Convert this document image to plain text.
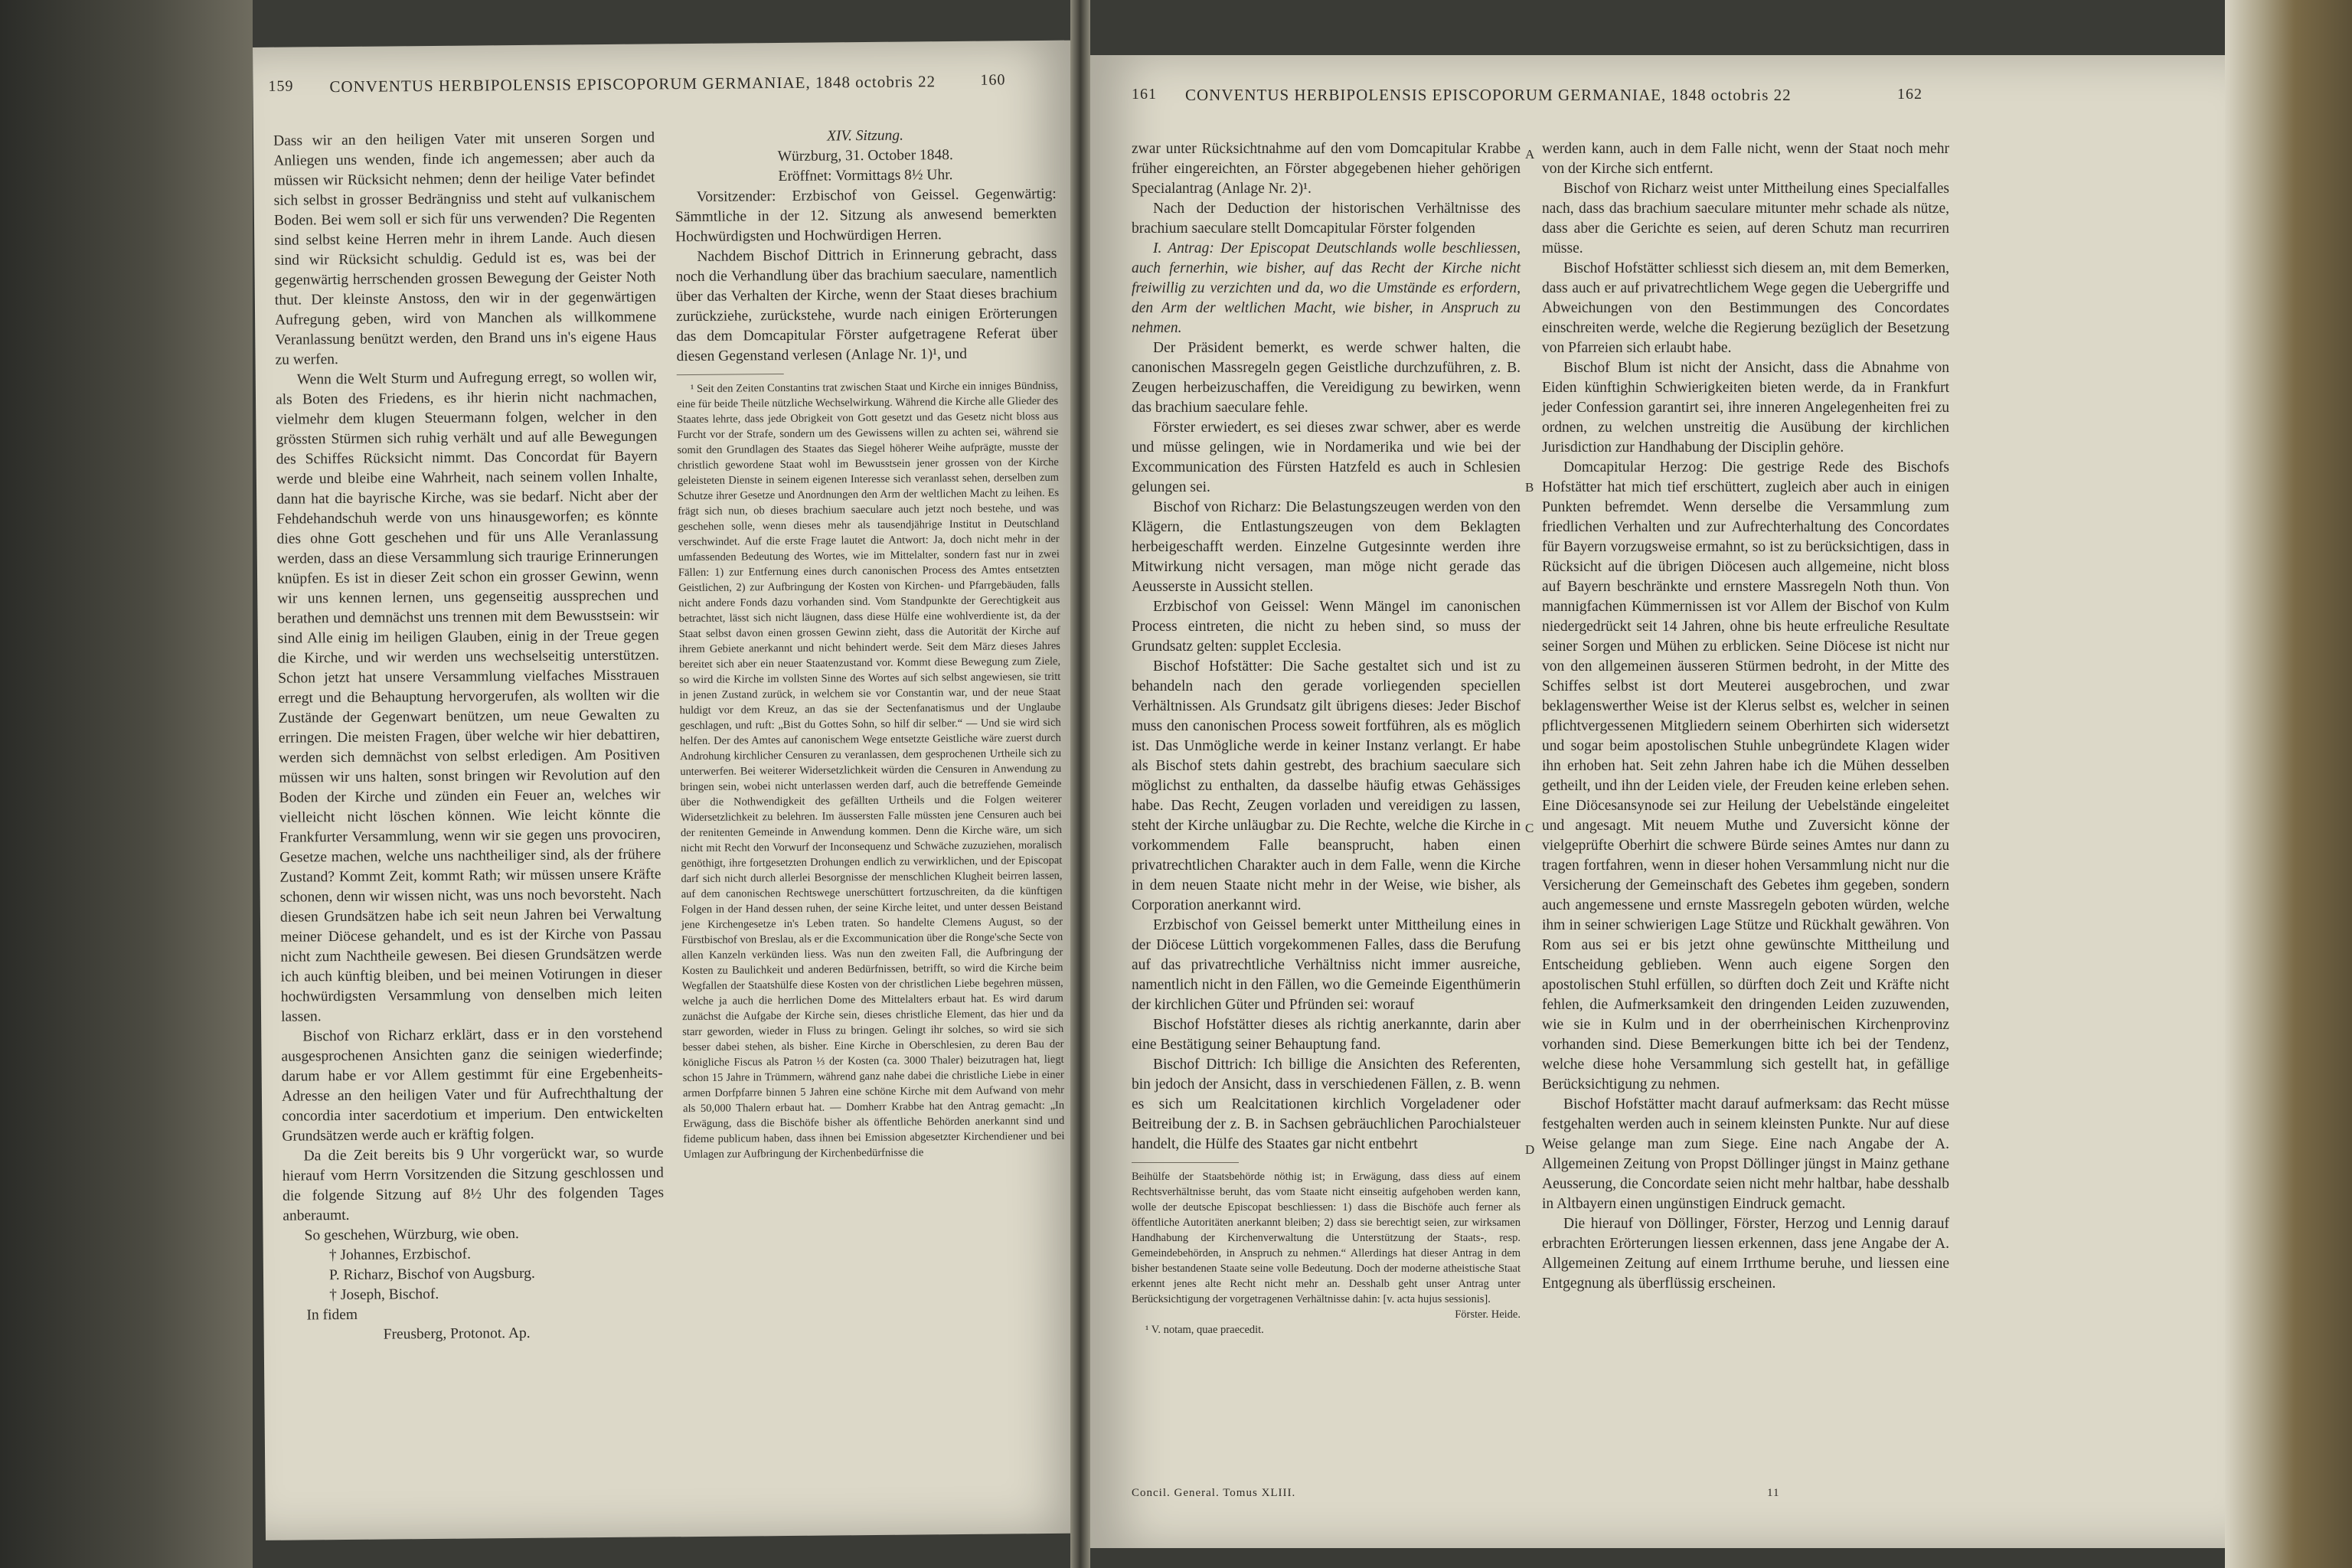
159 CONVENTUS HERBIPOLENSIS EPISCOPORUM GERMANIAE, 1848 octobris 22	160

Dass wir an den heiligen Vater mit unseren Sorgen und Anliegen uns wenden, finde ich angemessen; aber auch da müssen wir Rücksicht nehmen; denn der heilige Vater befindet sich selbst in grosser Bedrängniss und steht auf vulkanischem Boden. Bei wem soll er sich für uns verwenden? Die Regenten sind selbst keine Herren mehr in ihrem Lande. Auch diesen sind wir Rücksicht schuldig. Geduld ist es, was bei der gegenwärtig herrschenden grossen Bewegung der Geister Noth thut. Der kleinste Anstoss, den wir in der gegenwärtigen Aufregung geben, wird von Manchen als willkommene Veranlassung benützt werden, den Brand uns in's eigene Haus zu werfen.

Wenn die Welt Sturm und Aufregung erregt, so wollen wir, als Boten des Friedens, es ihr hierin nicht nachmachen, vielmehr dem klugen Steuermann folgen, welcher in den grössten Stürmen sich ruhig verhält und auf alle Bewegungen des Schiffes Rücksicht nimmt. Das Concordat für Bayern werde und bleibe eine Wahrheit, nach seinem vollen Inhalte, dann hat die bayrische Kirche, was sie bedarf. Nicht aber der Fehdehandschuh werde von uns hinausgeworfen; es könnte dies ohne Gott geschehen und für uns Alle Veranlassung werden, dass an diese Versammlung sich traurige Erinnerungen knüpfen. Es ist in dieser Zeit schon ein grosser Gewinn, wenn wir uns kennen lernen, uns gegenseitig aussprechen und berathen und demnächst uns trennen mit dem Bewusstsein: wir sind Alle einig im heiligen Glauben, einig in der Treue gegen die Kirche, und wir werden uns wechselseitig unterstützen. Schon jetzt hat unsere Versammlung vielfaches Misstrauen erregt und die Behauptung hervorgerufen, als wollten wir die Zustände der Gegenwart benützen, um neue Gewalten zu erringen. Die meisten Fragen, über welche wir hier debattiren, werden sich demnächst von selbst erledigen. Am Positiven müssen wir uns halten, sonst bringen wir Revolution auf den Boden der Kirche und zünden ein Feuer an, welches wir vielleicht nicht löschen können. Wie leicht könnte die Frankfurter Versammlung, wenn wir sie gegen uns provociren, Gesetze machen, welche uns nachtheiliger sind, als der frühere Zustand? Kommt Zeit, kommt Rath; wir müssen unsere Kräfte schonen, denn wir wissen nicht, was uns noch bevorsteht. Nach diesen Grundsätzen habe ich seit neun Jahren bei Verwaltung meiner Diöcese gehandelt, und es ist der Kirche von Passau nicht zum Nachtheile gewesen. Bei diesen Grundsätzen werde ich auch künftig bleiben, und bei meinen Votirungen in dieser hochwürdigsten Versammlung von denselben mich leiten lassen.

Bischof von Richarz erklärt, dass er in den vorstehend ausgesprochenen Ansichten ganz die seinigen wiederfinde; darum habe er vor Allem gestimmt für eine Ergebenheits-Adresse an den heiligen Vater und für Aufrechthaltung der concordia inter sacerdotium et imperium. Den entwickelten Grundsätzen werde auch er kräftig folgen.

Da die Zeit bereits bis 9 Uhr vorgerückt war, so wurde hierauf vom Herrn Vorsitzenden die Sitzung geschlossen und die folgende Sitzung auf 8½ Uhr des folgenden Tages anberaumt.

So geschehen, Würzburg, wie oben.

† Johannes, Erzbischof.

P. Richarz, Bischof von Augsburg.

† Joseph, Bischof.

In fidem

Freusberg, Protonot. Ap.

XIV. Sitzung.

Würzburg, 31. October 1848.

Eröffnet: Vormittags 8½ Uhr.

Vorsitzender: Erzbischof von Geissel. Gegenwärtig: Sämmtliche in der 12. Sitzung als anwesend bemerkten Hochwürdigsten und Hochwürdigen Herren.

Nachdem Bischof Dittrich in Erinnerung gebracht, dass noch die Verhandlung über das brachium saeculare, namentlich über das Verhalten der Kirche, wenn der Staat dieses brachium zurückziehe, zurückstehe, wurde nach einigen Erörterungen das dem Domcapitular Förster aufgetragene Referat über diesen Gegenstand verlesen (Anlage Nr. 1)¹, und

¹ Seit den Zeiten Constantins trat zwischen Staat und Kirche ein inniges Bündniss, eine für beide Theile nützliche Wechselwirkung. Während die Kirche alle Glieder des Staates lehrte, dass jede Obrigkeit von Gott gesetzt und das Gesetz nicht bloss aus Furcht vor der Strafe, sondern um des Gewissens willen zu achten sei, während sie somit den Grundlagen des Staates das Siegel höherer Weihe aufprägte, musste der christlich gewordene Staat wohl im Bewusstsein jener grossen von der Kirche geleisteten Dienste in seinem eigenen Interesse sich veranlasst sehen, derselben zum Schutze ihrer Gesetze und Anordnungen den Arm der weltlichen Macht zu leihen. Es frägt sich nun, ob dieses brachium saeculare auch jetzt noch bestehe, und was geschehen solle, wenn dieses mehr als tausendjährige Institut in Deutschland verschwindet. Auf die erste Frage lautet die Antwort: Ja, doch nicht mehr in der umfassenden Bedeutung des Wortes, wie im Mittelalter, sondern fast nur in zwei Fällen: 1) zur Entfernung eines durch canonischen Process des Amtes entsetzten Geistlichen, 2) zur Aufbringung der Kosten von Kirchen- und Pfarrgebäuden, falls nicht andere Fonds dazu vorhanden sind. Vom Standpunkte der Gerechtigkeit aus betrachtet, lässt sich nicht läugnen, dass diese Hülfe eine wohlverdiente ist, da der Staat selbst davon einen grossen Gewinn zieht, dass die Autorität der Kirche auf ihrem Gebiete anerkannt und nicht behindert werde. Seit dem März dieses Jahres bereitet sich aber ein neuer Staatenzustand vor. Kommt diese Bewegung zum Ziele, so wird die Kirche im vollsten Sinne des Wortes auf sich selbst angewiesen, sie tritt in jenen Zustand zurück, in welchem sie vor Constantin war, und der neue Staat huldigt vor dem Kreuz, an das sie der Sectenfanatismus und der Unglaube geschlagen, und ruft: „Bist du Gottes Sohn, so hilf dir selber.“ — Und sie wird sich helfen. Der des Amtes auf canonischem Wege entsetzte Geistliche wäre zuerst durch Androhung kirchlicher Censuren zu veranlassen, dem gesprochenen Urtheile sich zu unterwerfen. Bei weiterer Widersetzlichkeit würden die Censuren in Anwendung zu bringen sein, wobei nicht unterlassen werden darf, auch die betreffende Gemeinde über die Nothwendigkeit des gefällten Urtheils und die Folgen weiterer Widersetzlichkeit zu belehren. Im äussersten Falle müssten jene Censuren auch bei der renitenten Gemeinde in Anwendung kommen. Denn die Kirche wäre, um sich nicht mit Recht den Vorwurf der Inconsequenz und Schwäche zuzuziehen, moralisch genöthigt, ihre fortgesetzten Drohungen endlich zu verwirklichen, und der Episcopat darf sich nicht durch allerlei Besorgnisse der menschlichen Klugheit beirren lassen, auf dem canonischen Rechtswege unerschüttert fortzuschreiten, da die künftigen Folgen in der Hand dessen ruhen, der seine Kirche leitet, und unter dessen Beistand jene Kirchengesetze in's Leben traten. So handelte Clemens August, so der Fürstbischof von Breslau, als er die Excommunication über die Ronge'sche Secte von allen Kanzeln verkünden liess. Was nun den zweiten Fall, die Aufbringung der Kosten zu Baulichkeit und anderen Bedürfnissen, betrifft, so wird die Kirche beim Wegfallen der Staatshülfe diese Kosten von der christlichen Liebe begehren müssen, welche ja auch die herrlichen Dome des Mittelalters erbaut hat. Es wird darum zunächst die Aufgabe der Kirche sein, dieses christliche Element, das hier und da starr geworden, wieder in Fluss zu bringen. Gelingt ihr solches, so wird sie sich besser dabei stehen, als bisher. Eine Kirche in Oberschlesien, zu deren Bau der königliche Fiscus als Patron ⅓ der Kosten (ca. 3000 Thaler) beizutragen hat, liegt schon 15 Jahre in Trümmern, während ganz nahe dabei die christliche Liebe in einer armen Dorfpfarre binnen 5 Jahren eine schöne Kirche mit dem Aufwand von mehr als 50,000 Thalern erbaut hat. — Domherr Krabbe hat den Antrag gemacht: „In Erwägung, dass die Bischöfe bisher als öffentliche Behörden anerkannt sind und fideme publicum haben, dass ihnen bei Emission abgesetzter Kirchendiener und bei Umlagen zur Aufbringung der Kirchenbedürfnisse die

161 CONVENTUS HERBIPOLENSIS EPISCOPORUM GERMANIAE, 1848 octobris 22	162

zwar unter Rücksichtnahme auf den vom Domcapitular Krabbe früher eingereichten, an Förster abgegebenen hieher gehörigen Specialantrag (Anlage Nr. 2)¹.

Nach der Deduction der historischen Verhältnisse des brachium saeculare stellt Domcapitular Förster folgenden

I. Antrag: Der Episcopat Deutschlands wolle beschliessen, auch fernerhin, wie bisher, auf das Recht der Kirche nicht freiwillig zu verzichten und da, wo die Umstände es erfordern, den Arm der weltlichen Macht, wie bisher, in Anspruch zu nehmen.

Der Präsident bemerkt, es werde schwer halten, die canonischen Massregeln gegen Geistliche durchzuführen, z. B. Zeugen herbeizuschaffen, die Vereidigung zu bewirken, wenn das brachium saeculare fehle.

Förster erwiedert, es sei dieses zwar schwer, aber es werde und müsse gelingen, wie in Nordamerika und wie bei der Excommunication des Fürsten Hatzfeld es auch in Schlesien gelungen sei.

Bischof von Richarz: Die Belastungszeugen werden von den Klägern, die Entlastungszeugen von dem Beklagten herbeigeschafft werden. Einzelne Gutgesinnte werden ihre Mitwirkung nicht versagen, man möge nicht gerade das Aeusserste in Aussicht stellen.

Erzbischof von Geissel: Wenn Mängel im canonischen Process eintreten, die nicht zu heben sind, so muss der Grundsatz gelten: supplet Ecclesia.

Bischof Hofstätter: Die Sache gestaltet sich und ist zu behandeln nach den gerade vorliegenden speciellen Verhältnissen. Als Grundsatz gilt übrigens dieses: Jeder Bischof muss den canonischen Process soweit fortführen, als es möglich ist. Das Unmögliche werde in keiner Instanz verlangt. Er habe als Bischof stets dahin gestrebt, des brachium saeculare sich möglichst zu enthalten, da dasselbe häufig etwas Gehässiges habe. Das Recht, Zeugen vorladen und vereidigen zu lassen, steht der Kirche unläugbar zu. Die Rechte, welche die Kirche in vorkommendem Falle beansprucht, haben einen privatrechtlichen Charakter auch in dem Falle, wenn die Kirche in dem neuen Staate nicht mehr in der Weise, wie bisher, als Corporation anerkannt wird.

Erzbischof von Geissel bemerkt unter Mittheilung eines in der Diöcese Lüttich vorgekommenen Falles, dass die Berufung auf das privatrechtliche Verhältniss nicht immer ausreiche, namentlich nicht in den Fällen, wo die Gemeinde Eigenthümerin der kirchlichen Güter und Pfründen sei: worauf

Bischof Hofstätter dieses als richtig anerkannte, darin aber eine Bestätigung seiner Behauptung fand.

Bischof Dittrich: Ich billige die Ansichten des Referenten, bin jedoch der Ansicht, dass in verschiedenen Fällen, z. B. wenn es sich um Realcitationen kirchlich Vorgeladener oder Beitreibung der z. B. in Sachsen gebräuchlichen Parochialsteuer handelt, die Hülfe des Staates gar nicht entbehrt

Beihülfe der Staatsbehörde nöthig ist; in Erwägung, dass diess auf einem Rechtsverhältnisse beruht, das vom Staate nicht einseitig aufgehoben werden kann, wolle der deutsche Episcopat beschliessen: 1) dass die Bischöfe auch ferner als öffentliche Autoritäten anerkannt bleiben; 2) dass sie berechtigt seien, zur wirksamen Handhabung der Kirchenverwaltung die Unterstützung der Staats-, resp. Gemeindebehörden, in Anspruch zu nehmen.“ Allerdings hat dieser Antrag in dem bisher bestandenen Staate seine volle Bedeutung. Doch der moderne atheistische Staat erkennt jenes alte Recht nicht mehr an. Desshalb geht unser Antrag unter Berücksichtigung der vorgetragenen Verhältnisse dahin: [v. acta hujus sessionis].

Förster. Heide.

¹ V. notam, quae praecedit.

werden kann, auch in dem Falle nicht, wenn der Staat noch mehr von der Kirche sich entfernt.

Bischof von Richarz weist unter Mittheilung eines Specialfalles nach, dass das brachium saeculare mitunter mehr schade als nütze, dass aber die Gerichte es seien, auf deren Schutz man recurriren müsse.

Bischof Hofstätter schliesst sich diesem an, mit dem Bemerken, dass auch er auf privatrechtlichem Wege gegen die Uebergriffe und Abweichungen von den Bestimmungen des Concordates einschreiten werde, welche die Regierung bezüglich der Besetzung von Pfarreien sich erlaubt habe.

Bischof Blum ist nicht der Ansicht, dass die Abnahme von Eiden künftighin Schwierigkeiten bieten werde, da in Frankfurt jeder Confession garantirt sei, ihre inneren Angelegenheiten frei zu ordnen, zu welchen unstreitig die Ausübung der kirchlichen Jurisdiction zur Handhabung der Disciplin gehöre.

Domcapitular Herzog: Die gestrige Rede des Bischofs Hofstätter hat mich tief erschüttert, zugleich aber auch in einigen Punkten befremdet. Wenn derselbe die Versammlung zum friedlichen Verhalten und zur Aufrechterhaltung des Concordates für Bayern vorzugsweise ermahnt, so ist zu berücksichtigen, dass in Rücksicht auf die übrigen Diöcesen auch allgemeine, nicht bloss auf Bayern beschränkte und ernstere Massregeln Noth thun. Von mannigfachen Kümmernissen ist vor Allem der Bischof von Kulm niedergedrückt seit 14 Jahren, ohne bis heute erfreuliche Resultate seiner Sorgen und Mühen zu erblicken. Seine Diöcese ist nicht nur von den allgemeinen äusseren Stürmen bedroht, in der Mitte des Schiffes selbst ist dort Meuterei ausgebrochen, und zwar beklagenswerther Weise ist der Klerus selbst es, welcher in seinen pflichtvergessenen Mitgliedern seinem Oberhirten sich widersetzt und sogar beim apostolischen Stuhle unbegründete Klagen wider ihn erhoben hat. Seit zehn Jahren habe ich die Mühen desselben getheilt, und ihn der Leiden viele, der Freuden keine erleben sehen. Eine Diöcesansynode sei zur Heilung der Uebelstände eingeleitet und angesagt. Mit neuem Muthe und Zuversicht könne der vielgeprüfte Oberhirt die schwere Bürde seines Amtes nur dann zu tragen fortfahren, wenn in dieser hohen Versammlung nicht nur die Versicherung der Gemeinschaft des Gebetes ihm gegeben, sondern auch angemessene und ernste Massregeln geboten würden, welche ihm in seiner schwierigen Lage Stütze und Rückhalt gewähren. Von Rom aus sei er bis jetzt ohne gewünschte Mittheilung und Entscheidung geblieben. Wenn auch eigene Sorgen den apostolischen Stuhl erfüllen, so dürften doch Zeit und Kräfte nicht fehlen, die Aufmerksamkeit den dringenden Leiden zuzuwenden, wie sie in Kulm und in der oberrheinischen Kirchenprovinz vorhanden sind. Diese Bemerkungen bitte ich bei der Tendenz, welche diese hohe Versammlung sich gestellt hat, in gefällige Berücksichtigung zu nehmen.

Bischof Hofstätter macht darauf aufmerksam: das Recht müsse festgehalten werden auch in seinem kleinsten Punkte. Nur auf diese Weise gelange man zum Siege. Eine nach Angabe der A. Allgemeinen Zeitung von Propst Döllinger jüngst in Mainz gethane Aeusserung, die Concordate seien nicht mehr haltbar, habe desshalb in Altbayern einen ungünstigen Eindruck gemacht.

Die hierauf von Döllinger, Förster, Herzog und Lennig darauf erbrachten Erörterungen liessen erkennen, dass jene Angabe der A. Allgemeinen Zeitung auf einem Irrthume beruhe, und liessen eine Entgegnung als überflüssig erscheinen.

A
B
C
D
Concil. General. Tomus XLIII.	11
